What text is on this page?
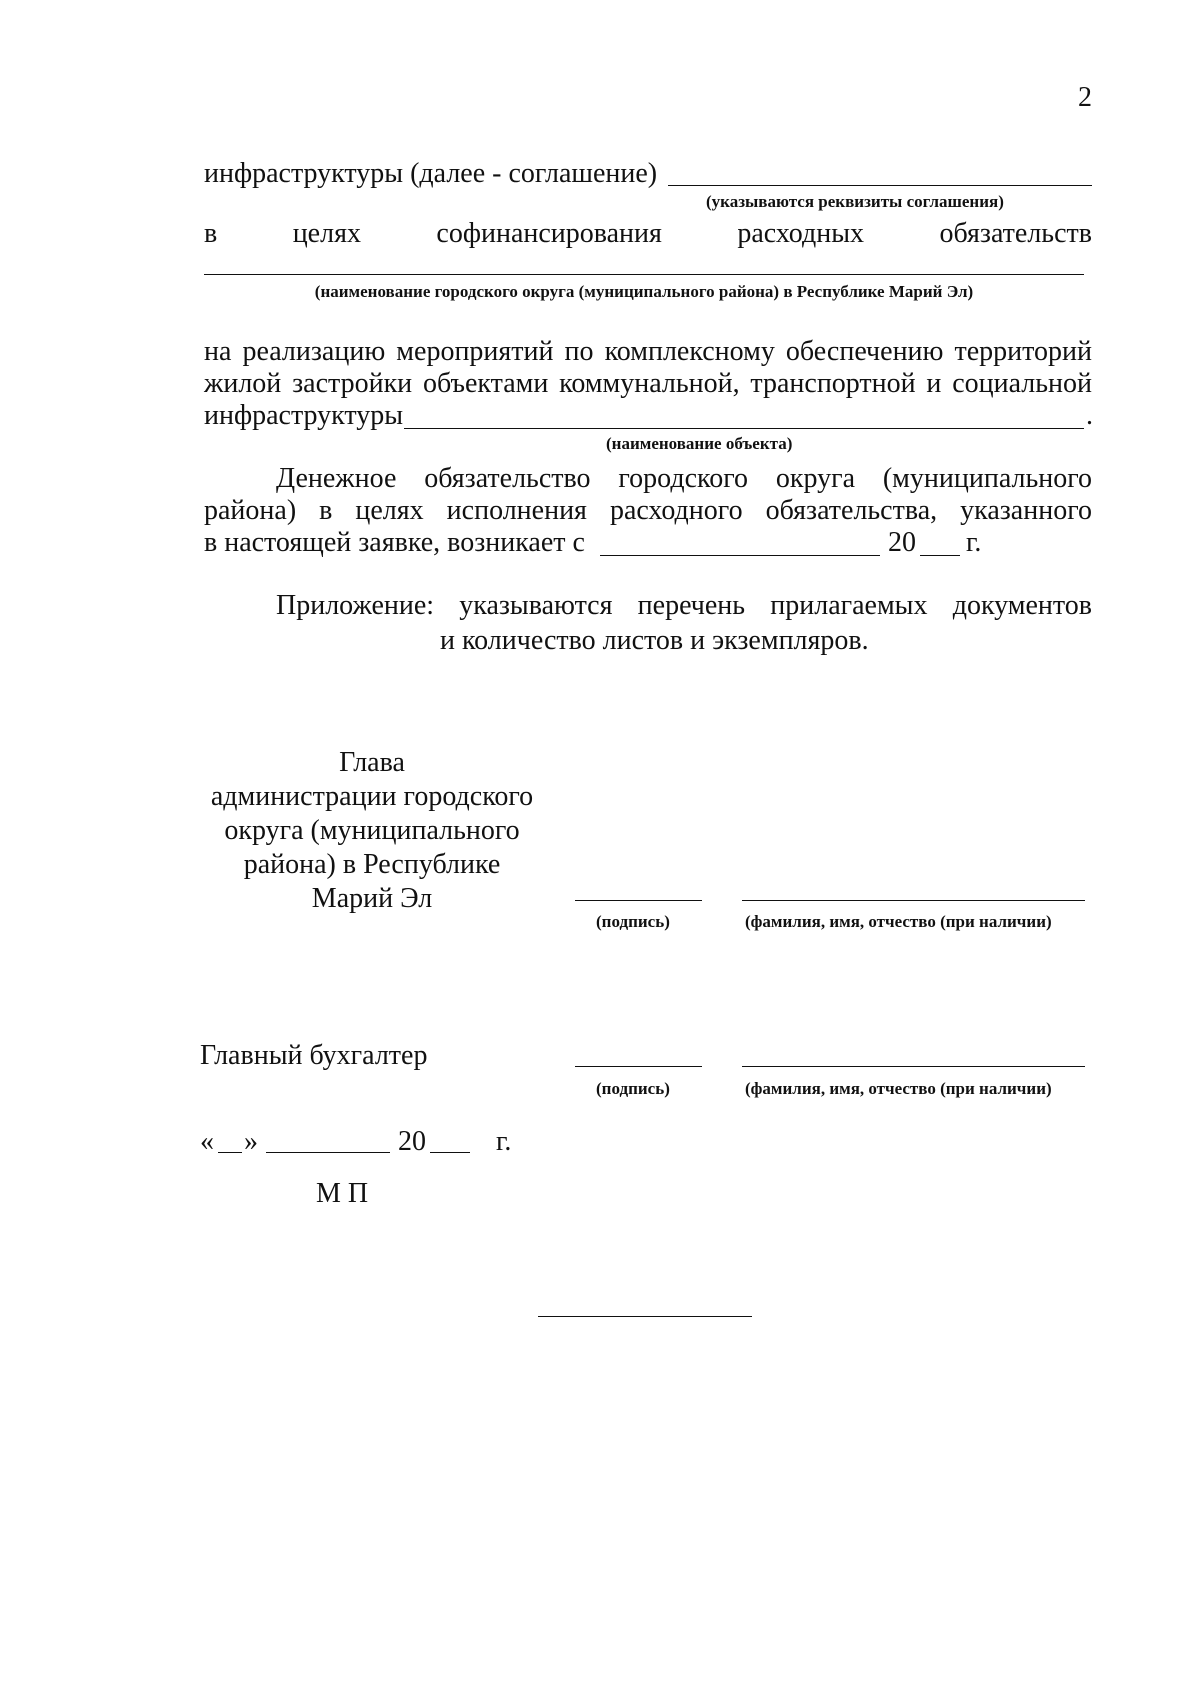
2
инфраструктуры (далее - соглашение)
(указываются реквизиты соглашения)
в	целях	софинансирования	расходных	обязательств
(наименование городского округа (муниципального района) в Республике Марий Эл)
на реализацию мероприятий по комплексному обеспечению территорий
жилой застройки объектами коммунальной, транспортной и социальной
инфраструктуры	.
(наименование объекта)
Денежное обязательство городского округа (муниципального
района) в целях исполнения расходного обязательства, указанного
в настоящей заявке, возникает с	20 г.
Приложение: указываются перечень прилагаемых документов
и количество листов и экземпляров.
Глава
администрации городского
округа (муниципального
района) в Республике
Марий Эл
(подпись)	(фамилия, имя, отчество (при наличии)
Главный бухгалтер
(подпись)	(фамилия, имя, отчество (при наличии)
« »	20	г.
М П
